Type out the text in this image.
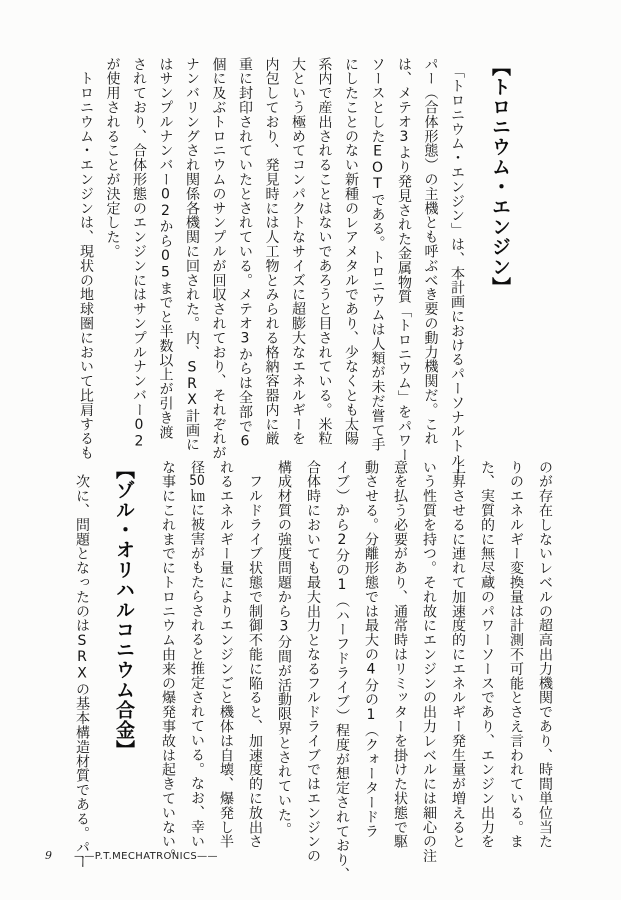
【トロニウム・エンジン】
　「トロニウム・エンジン」は、本計画におけるパーソナルトルー
パー（合体形態）の主機とも呼ぶべき要の動力機関だ。これ
は、メテオ3より発見された金属物質「トロニウム」をパワー
ソースとしたEOTである。トロニウムは人類が未だ嘗て手
にしたことのない新種のレアメタルであり、少なくとも太陽
系内で産出されることはないであろうと目されている。米粒
大という極めてコンパクトなサイズに超膨大なエネルギーを
内包しており、発見時には人工物とみられる格納容器内に厳
重に封印されていたとされている。メテオ3からは全部で6
個に及ぶトロニウムのサンプルが回収されており、それぞれが
ナンバリングされ関係各機関に回された。内、SRX計画に
はサンプルナンバー02から05までと半数以上が引き渡
されており、合体形態のエンジンにはサンプルナンバー02
が使用されることが決定した。
　トロニウム・エンジンは、現状の地球圏において比肩するも
のが存在しないレベルの超高出力機関であり、時間単位当た
りのエネルギー変換量は計測不可能とさえ言われている。ま
た、実質的に無尽蔵のパワーソースであり、エンジン出力を
上昇させるに連れて加速度的にエネルギー発生量が増えると
いう性質を持つ。それ故にエンジンの出力レベルには細心の注
意を払う必要があり、通常時はリミッターを掛けた状態で駆
動させる。分離形態では最大の4分の1（クォータードラ
イブ）から2分の1（ハーフドライブ）程度が想定されており、
合体時においても最大出力となるフルドライブではエンジンの
構成材質の強度問題から3分間が活動限界とされていた。
　フルドライブ状態で制御不能に陥ると、加速度的に放出さ
れるエネルギー量によりエンジンごと機体は自壊、爆発し半
径50㎞に被害がもたらされると推定されている。なお、幸い
な事にこれまでにトロニウム由来の爆発事故は起きていない。
【ゾル・オリハルコニウム合金】
　次に、問題となったのはSRXの基本構造材質である。パー
9 ——P.T.MECHATRONICS——
